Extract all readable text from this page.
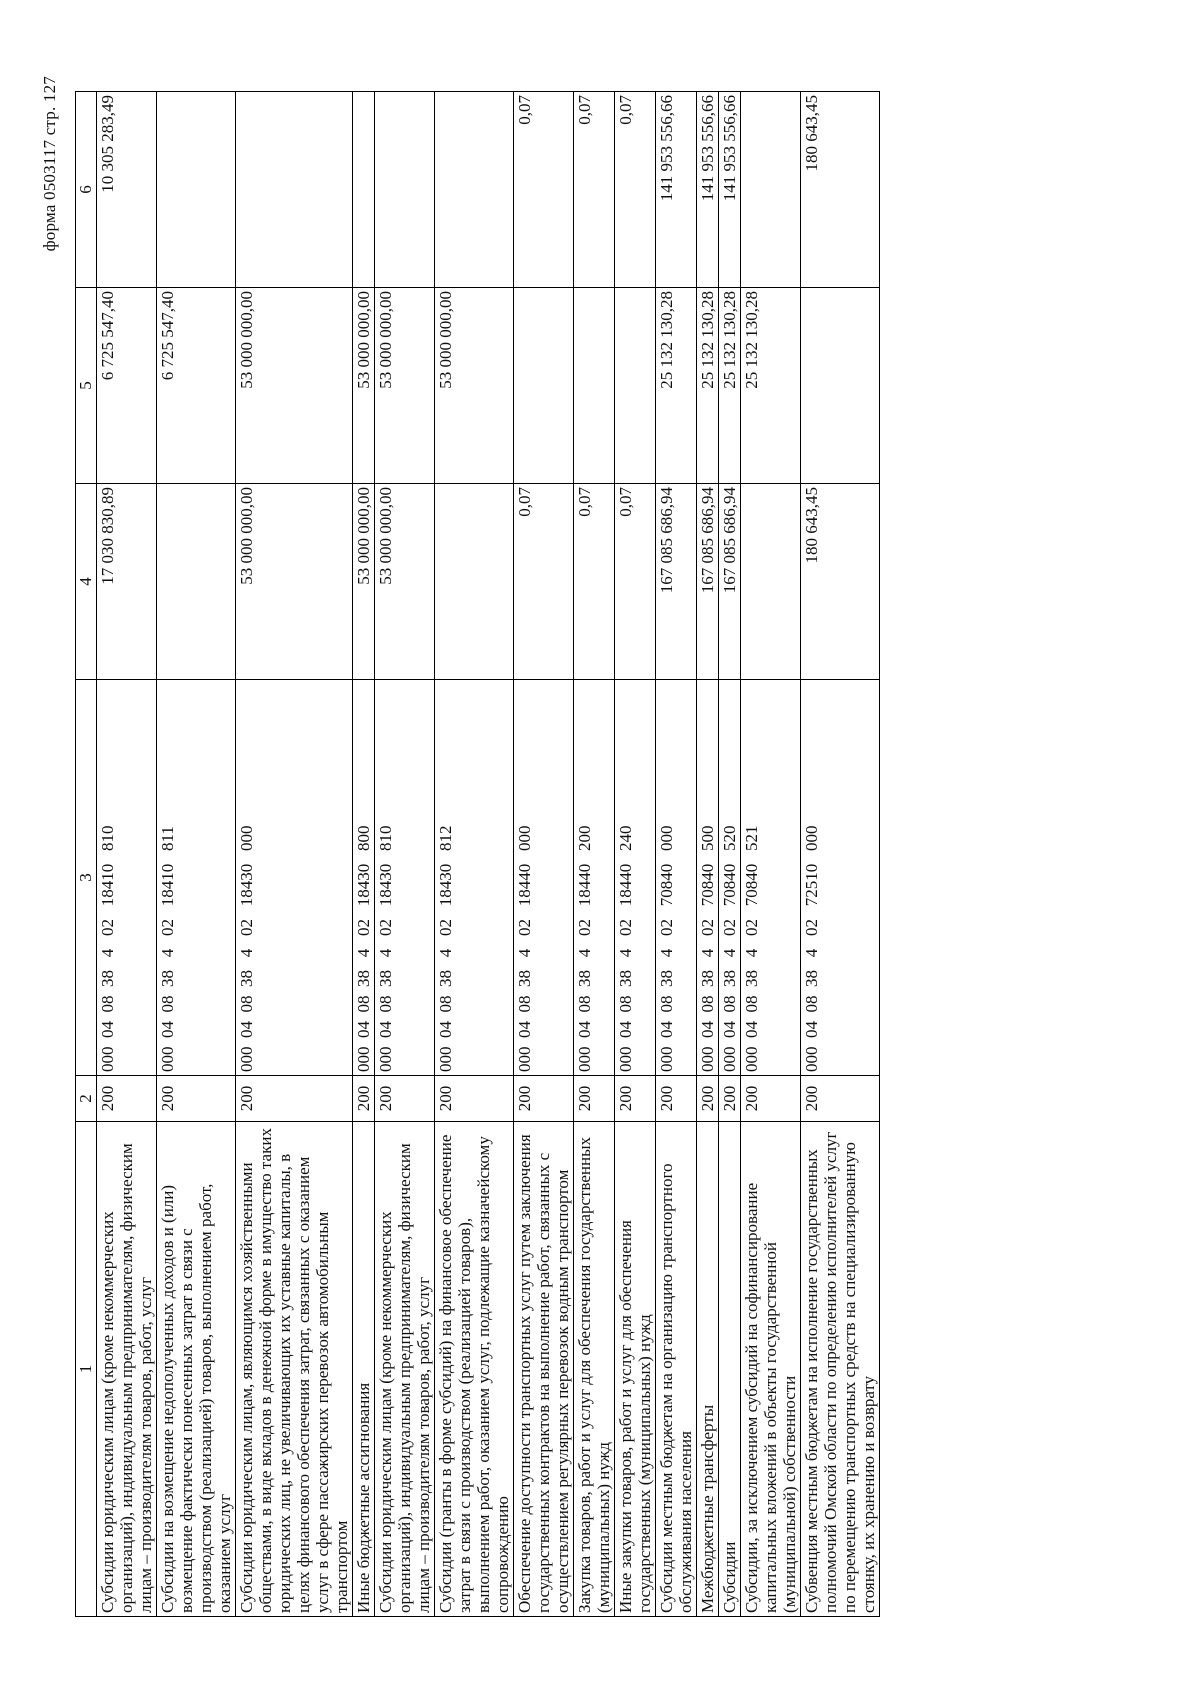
форма 0503117 стр. 127
1	2	3	4	5	6
Субсидии юридическим лицам (кроме некоммерческих организаций), индивидуальным предпринимателям, физическим лицам – производителям товаров, работ, услуг	200	000  04  08  38   4   02   18410   810	17 030 830,89	6 725 547,40	10 305 283,49
Субсидии на возмещение недополученных доходов и (или) возмещение фактически понесенных затрат в связи с производством (реализацией) товаров, выполнением работ, оказанием услуг	200	000  04  08  38   4   02   18410   811		6 725 547,40	
Субсидии юридическим лицам, являющимся хозяйственными обществами, в виде вкладов в денежной форме в имущество таких юридических лиц, не увеличивающих их уставные капиталы, в целях финансового обеспечения затрат, связанных с оказанием услуг в сфере пассажирских перевозок автомобильным транспортом	200	000  04  08  38   4   02   18430   000	53 000 000,00	53 000 000,00	
Иные бюджетные ассигнования	200	000  04  08  38   4   02   18430   800	53 000 000,00	53 000 000,00	
Субсидии юридическим лицам (кроме некоммерческих организаций), индивидуальным предпринимателям, физическим лицам – производителям товаров, работ, услуг	200	000  04  08  38   4   02   18430   810	53 000 000,00	53 000 000,00	
Субсидии (гранты в форме субсидий) на финансовое обеспечение затрат в связи с производством (реализацией товаров), выполнением работ, оказанием услуг, подлежащие казначейскому сопровождению	200	000  04  08  38   4   02   18430   812		53 000 000,00	
Обеспечение доступности транспортных услуг путем заключения государственных контрактов на выполнение работ, связанных с осуществлением регулярных перевозок водным транспортом	200	000  04  08  38   4   02   18440   000	0,07		0,07
Закупка товаров, работ и услуг для обеспечения государственных (муниципальных) нужд	200	000  04  08  38   4   02   18440   200	0,07		0,07
Иные закупки товаров, работ и услуг для обеспечения государственных (муниципальных) нужд	200	000  04  08  38   4   02   18440   240	0,07		0,07
Субсидии местным бюджетам на организацию транспортного обслуживания населения	200	000  04  08  38   4   02   70840   000	167 085 686,94	25 132 130,28	141 953 556,66
Межбюджетные трансферты	200	000  04  08  38   4   02   70840   500	167 085 686,94	25 132 130,28	141 953 556,66
Субсидии	200	000  04  08  38   4   02   70840   520	167 085 686,94	25 132 130,28	141 953 556,66
Субсидии, за исключением субсидий на софинансирование капитальных вложений в объекты государственной (муниципальной) собственности	200	000  04  08  38   4   02   70840   521		25 132 130,28	
Субвенция местным бюджетам на исполнение государственных полномочий Омской области по определению исполнителей услуг по перемещению транспортных средств на специализированную стоянку, их хранению и возврату	200	000  04  08  38   4   02   72510   000	180 643,45		180 643,45
